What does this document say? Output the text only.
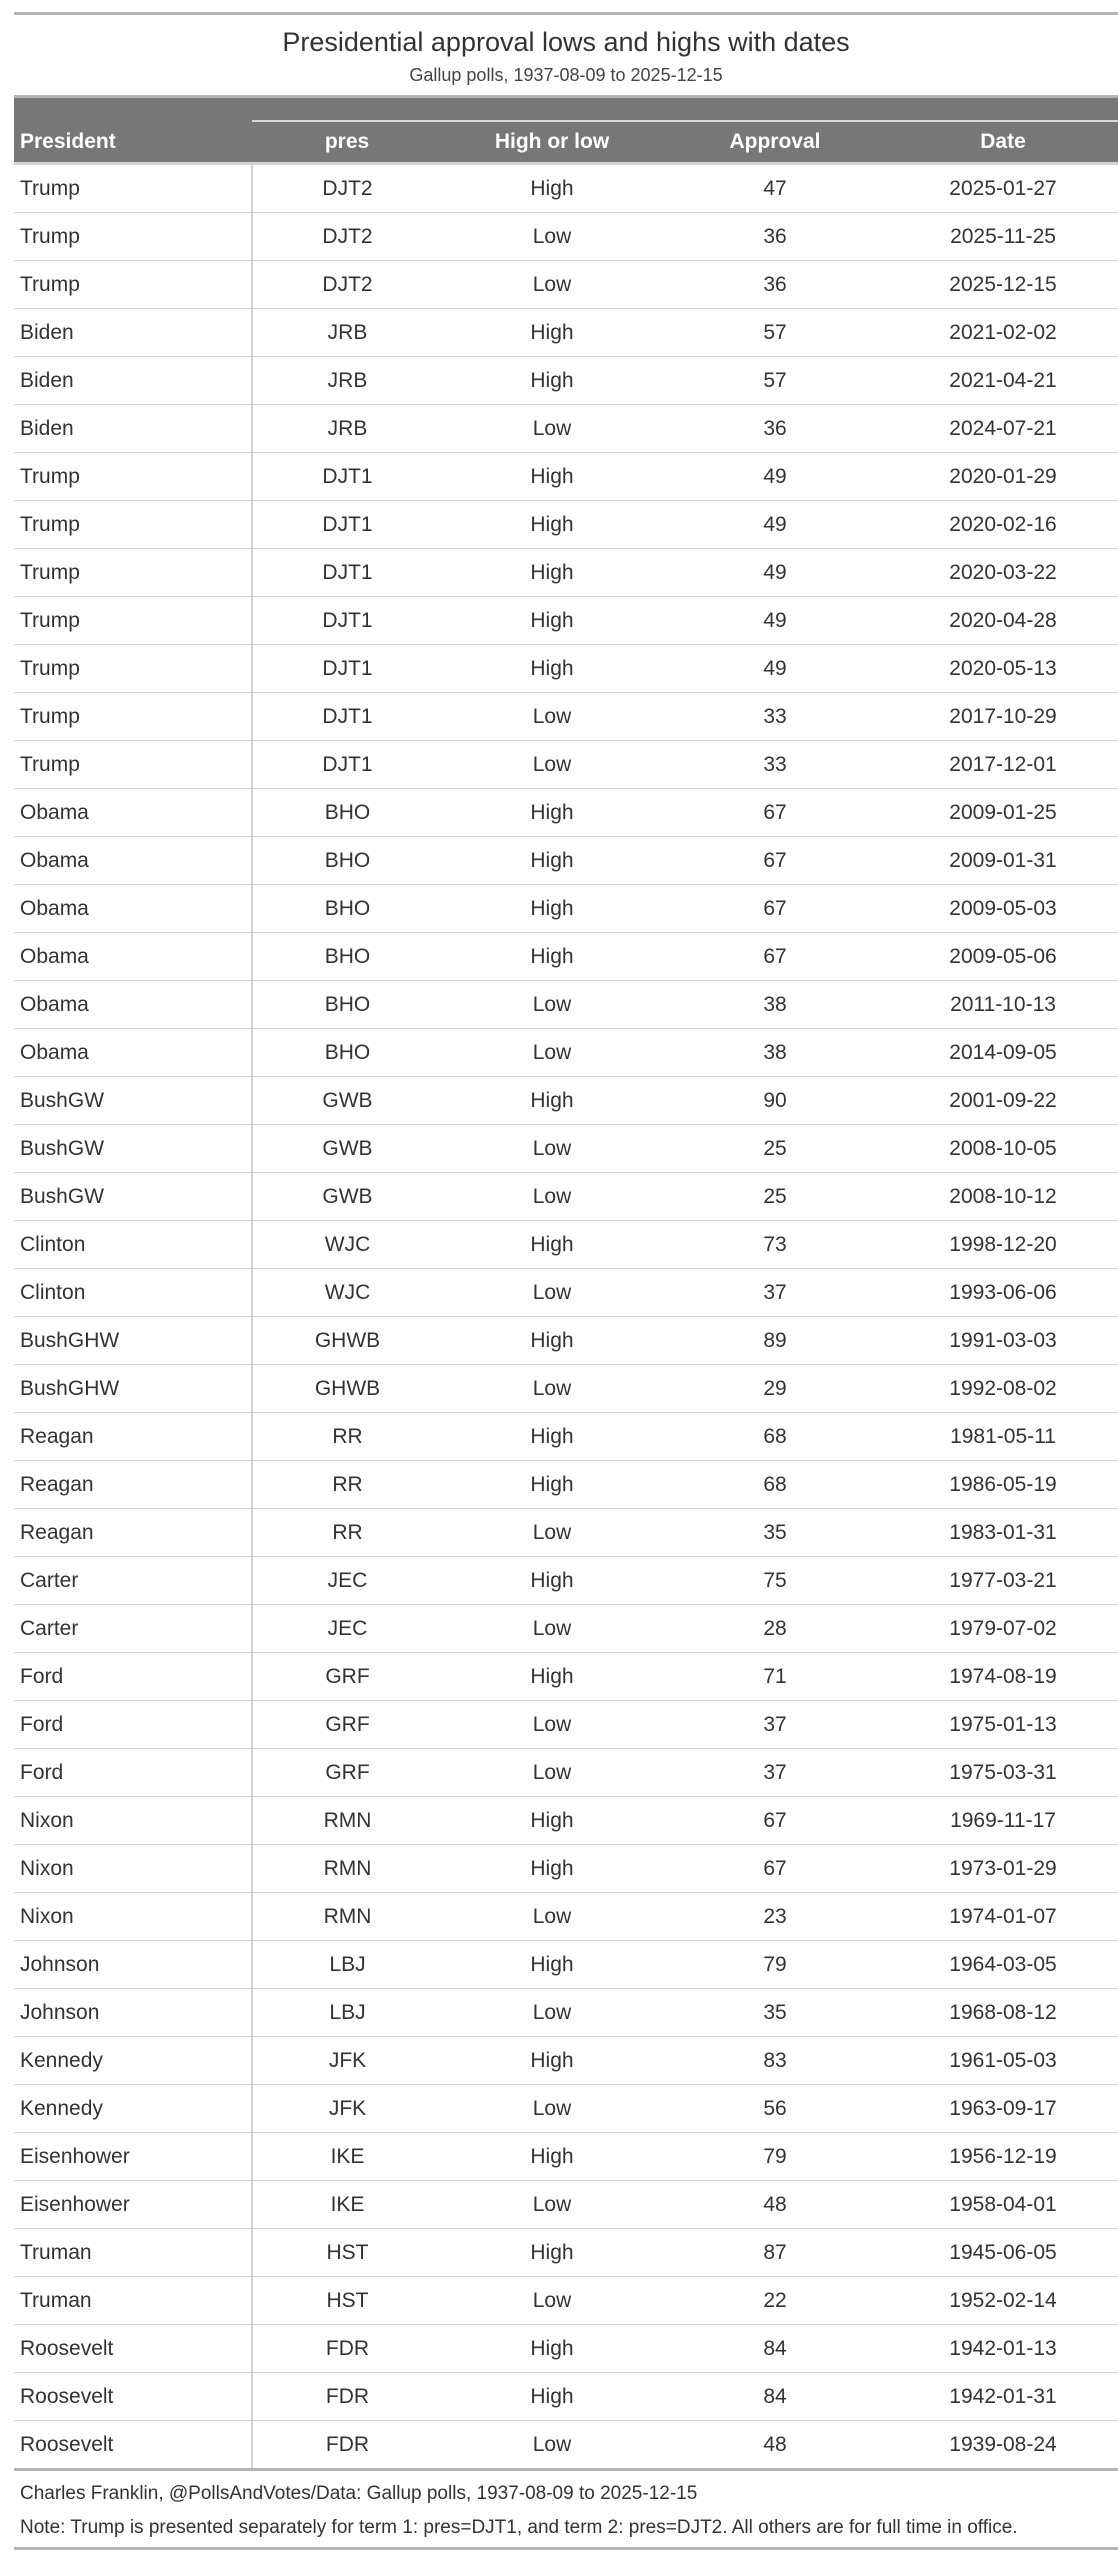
Presidential approval lows and highs with dates
Gallup polls, 1937-08-09 to 2025-12-15

President	pres	High or low	Approval	Date
Trump	DJT2	High	47	2025-01-27
Trump	DJT2	Low	36	2025-11-25
Trump	DJT2	Low	36	2025-12-15
Biden	JRB	High	57	2021-02-02
Biden	JRB	High	57	2021-04-21
Biden	JRB	Low	36	2024-07-21
Trump	DJT1	High	49	2020-01-29
Trump	DJT1	High	49	2020-02-16
Trump	DJT1	High	49	2020-03-22
Trump	DJT1	High	49	2020-04-28
Trump	DJT1	High	49	2020-05-13
Trump	DJT1	Low	33	2017-10-29
Trump	DJT1	Low	33	2017-12-01
Obama	BHO	High	67	2009-01-25
Obama	BHO	High	67	2009-01-31
Obama	BHO	High	67	2009-05-03
Obama	BHO	High	67	2009-05-06
Obama	BHO	Low	38	2011-10-13
Obama	BHO	Low	38	2014-09-05
BushGW	GWB	High	90	2001-09-22
BushGW	GWB	Low	25	2008-10-05
BushGW	GWB	Low	25	2008-10-12
Clinton	WJC	High	73	1998-12-20
Clinton	WJC	Low	37	1993-06-06
BushGHW	GHWB	High	89	1991-03-03
BushGHW	GHWB	Low	29	1992-08-02
Reagan	RR	High	68	1981-05-11
Reagan	RR	High	68	1986-05-19
Reagan	RR	Low	35	1983-01-31
Carter	JEC	High	75	1977-03-21
Carter	JEC	Low	28	1979-07-02
Ford	GRF	High	71	1974-08-19
Ford	GRF	Low	37	1975-01-13
Ford	GRF	Low	37	1975-03-31
Nixon	RMN	High	67	1969-11-17
Nixon	RMN	High	67	1973-01-29
Nixon	RMN	Low	23	1974-01-07
Johnson	LBJ	High	79	1964-03-05
Johnson	LBJ	Low	35	1968-08-12
Kennedy	JFK	High	83	1961-05-03
Kennedy	JFK	Low	56	1963-09-17
Eisenhower	IKE	High	79	1956-12-19
Eisenhower	IKE	Low	48	1958-04-01
Truman	HST	High	87	1945-06-05
Truman	HST	Low	22	1952-02-14
Roosevelt	FDR	High	84	1942-01-13
Roosevelt	FDR	High	84	1942-01-31
Roosevelt	FDR	Low	48	1939-08-24
Charles Franklin, @PollsAndVotes/Data: Gallup polls, 1937-08-09 to 2025-12-15
Note: Trump is presented separately for term 1: pres=DJT1, and term 2: pres=DJT2. All others are for full time in office.
